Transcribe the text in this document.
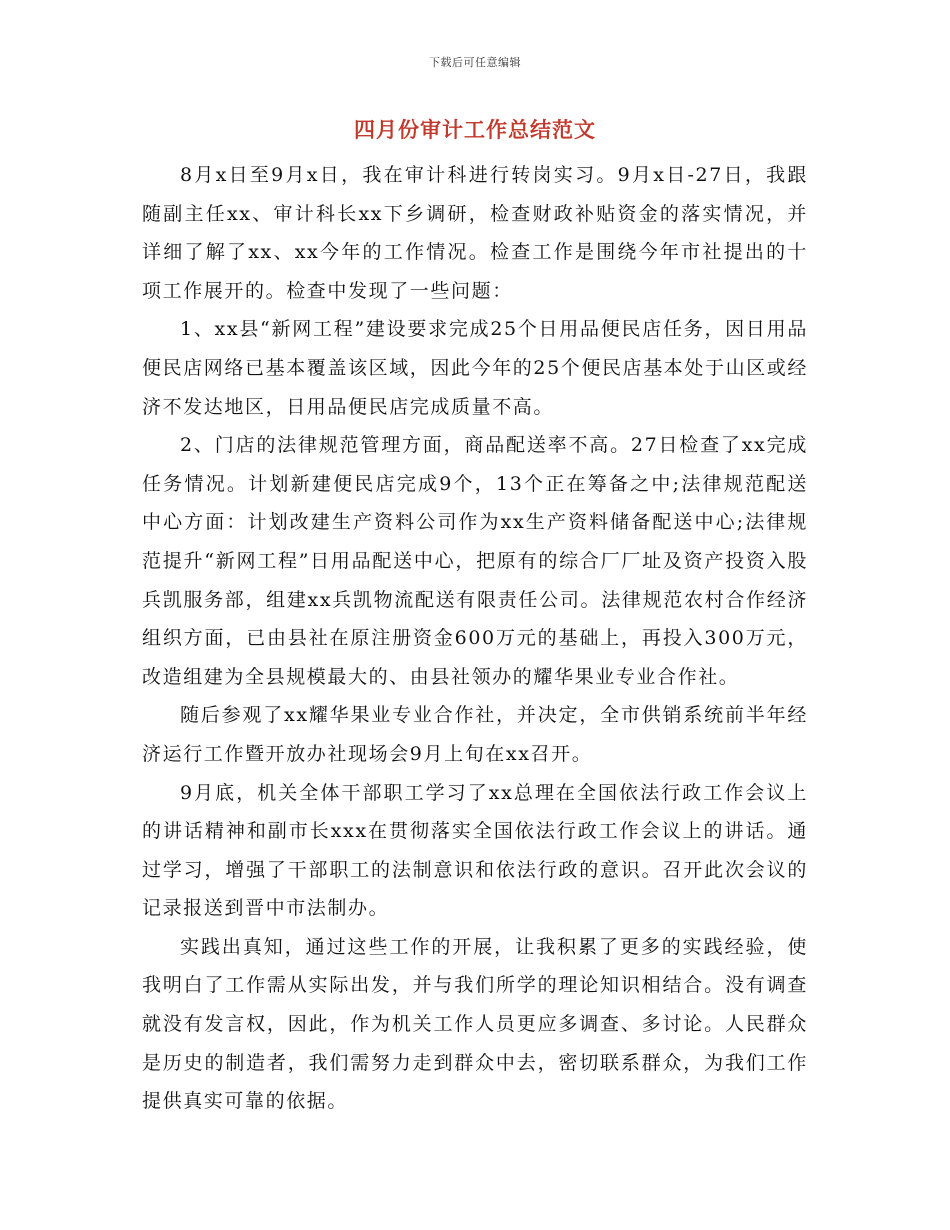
下载后可任意编辑
四月份审计工作总结范文

8月x日至9月x日，我在审计科进行转岗实习。9月x日-27日，我跟随副主任xx、审计科长xx下乡调研，检查财政补贴资金的落实情况，并详细了解了xx、xx今年的工作情况。检查工作是围绕今年市社提出的十项工作展开的。检查中发现了一些问题：

1、xx县“新网工程”建设要求完成25个日用品便民店任务，因日用品便民店网络已基本覆盖该区域，因此今年的25个便民店基本处于山区或经济不发达地区，日用品便民店完成质量不高。

2、门店的法律规范管理方面，商品配送率不高。27日检查了xx完成任务情况。计划新建便民店完成9个，13个正在筹备之中;法律规范配送中心方面：计划改建生产资料公司作为xx生产资料储备配送中心;法律规范提升“新网工程”日用品配送中心，把原有的综合厂厂址及资产投资入股兵凯服务部，组建xx兵凯物流配送有限责任公司。法律规范农村合作经济组织方面，已由县社在原注册资金600万元的基础上，再投入300万元，改造组建为全县规模最大的、由县社领办的耀华果业专业合作社。

随后参观了xx耀华果业专业合作社，并决定，全市供销系统前半年经济运行工作暨开放办社现场会9月上旬在xx召开。

9月底，机关全体干部职工学习了xx总理在全国依法行政工作会议上的讲话精神和副市长xxx在贯彻落实全国依法行政工作会议上的讲话。通过学习，增强了干部职工的法制意识和依法行政的意识。召开此次会议的记录报送到晋中市法制办。

实践出真知，通过这些工作的开展，让我积累了更多的实践经验，使我明白了工作需从实际出发，并与我们所学的理论知识相结合。没有调查就没有发言权，因此，作为机关工作人员更应多调查、多讨论。人民群众是历史的制造者，我们需努力走到群众中去，密切联系群众，为我们工作提供真实可靠的依据。
